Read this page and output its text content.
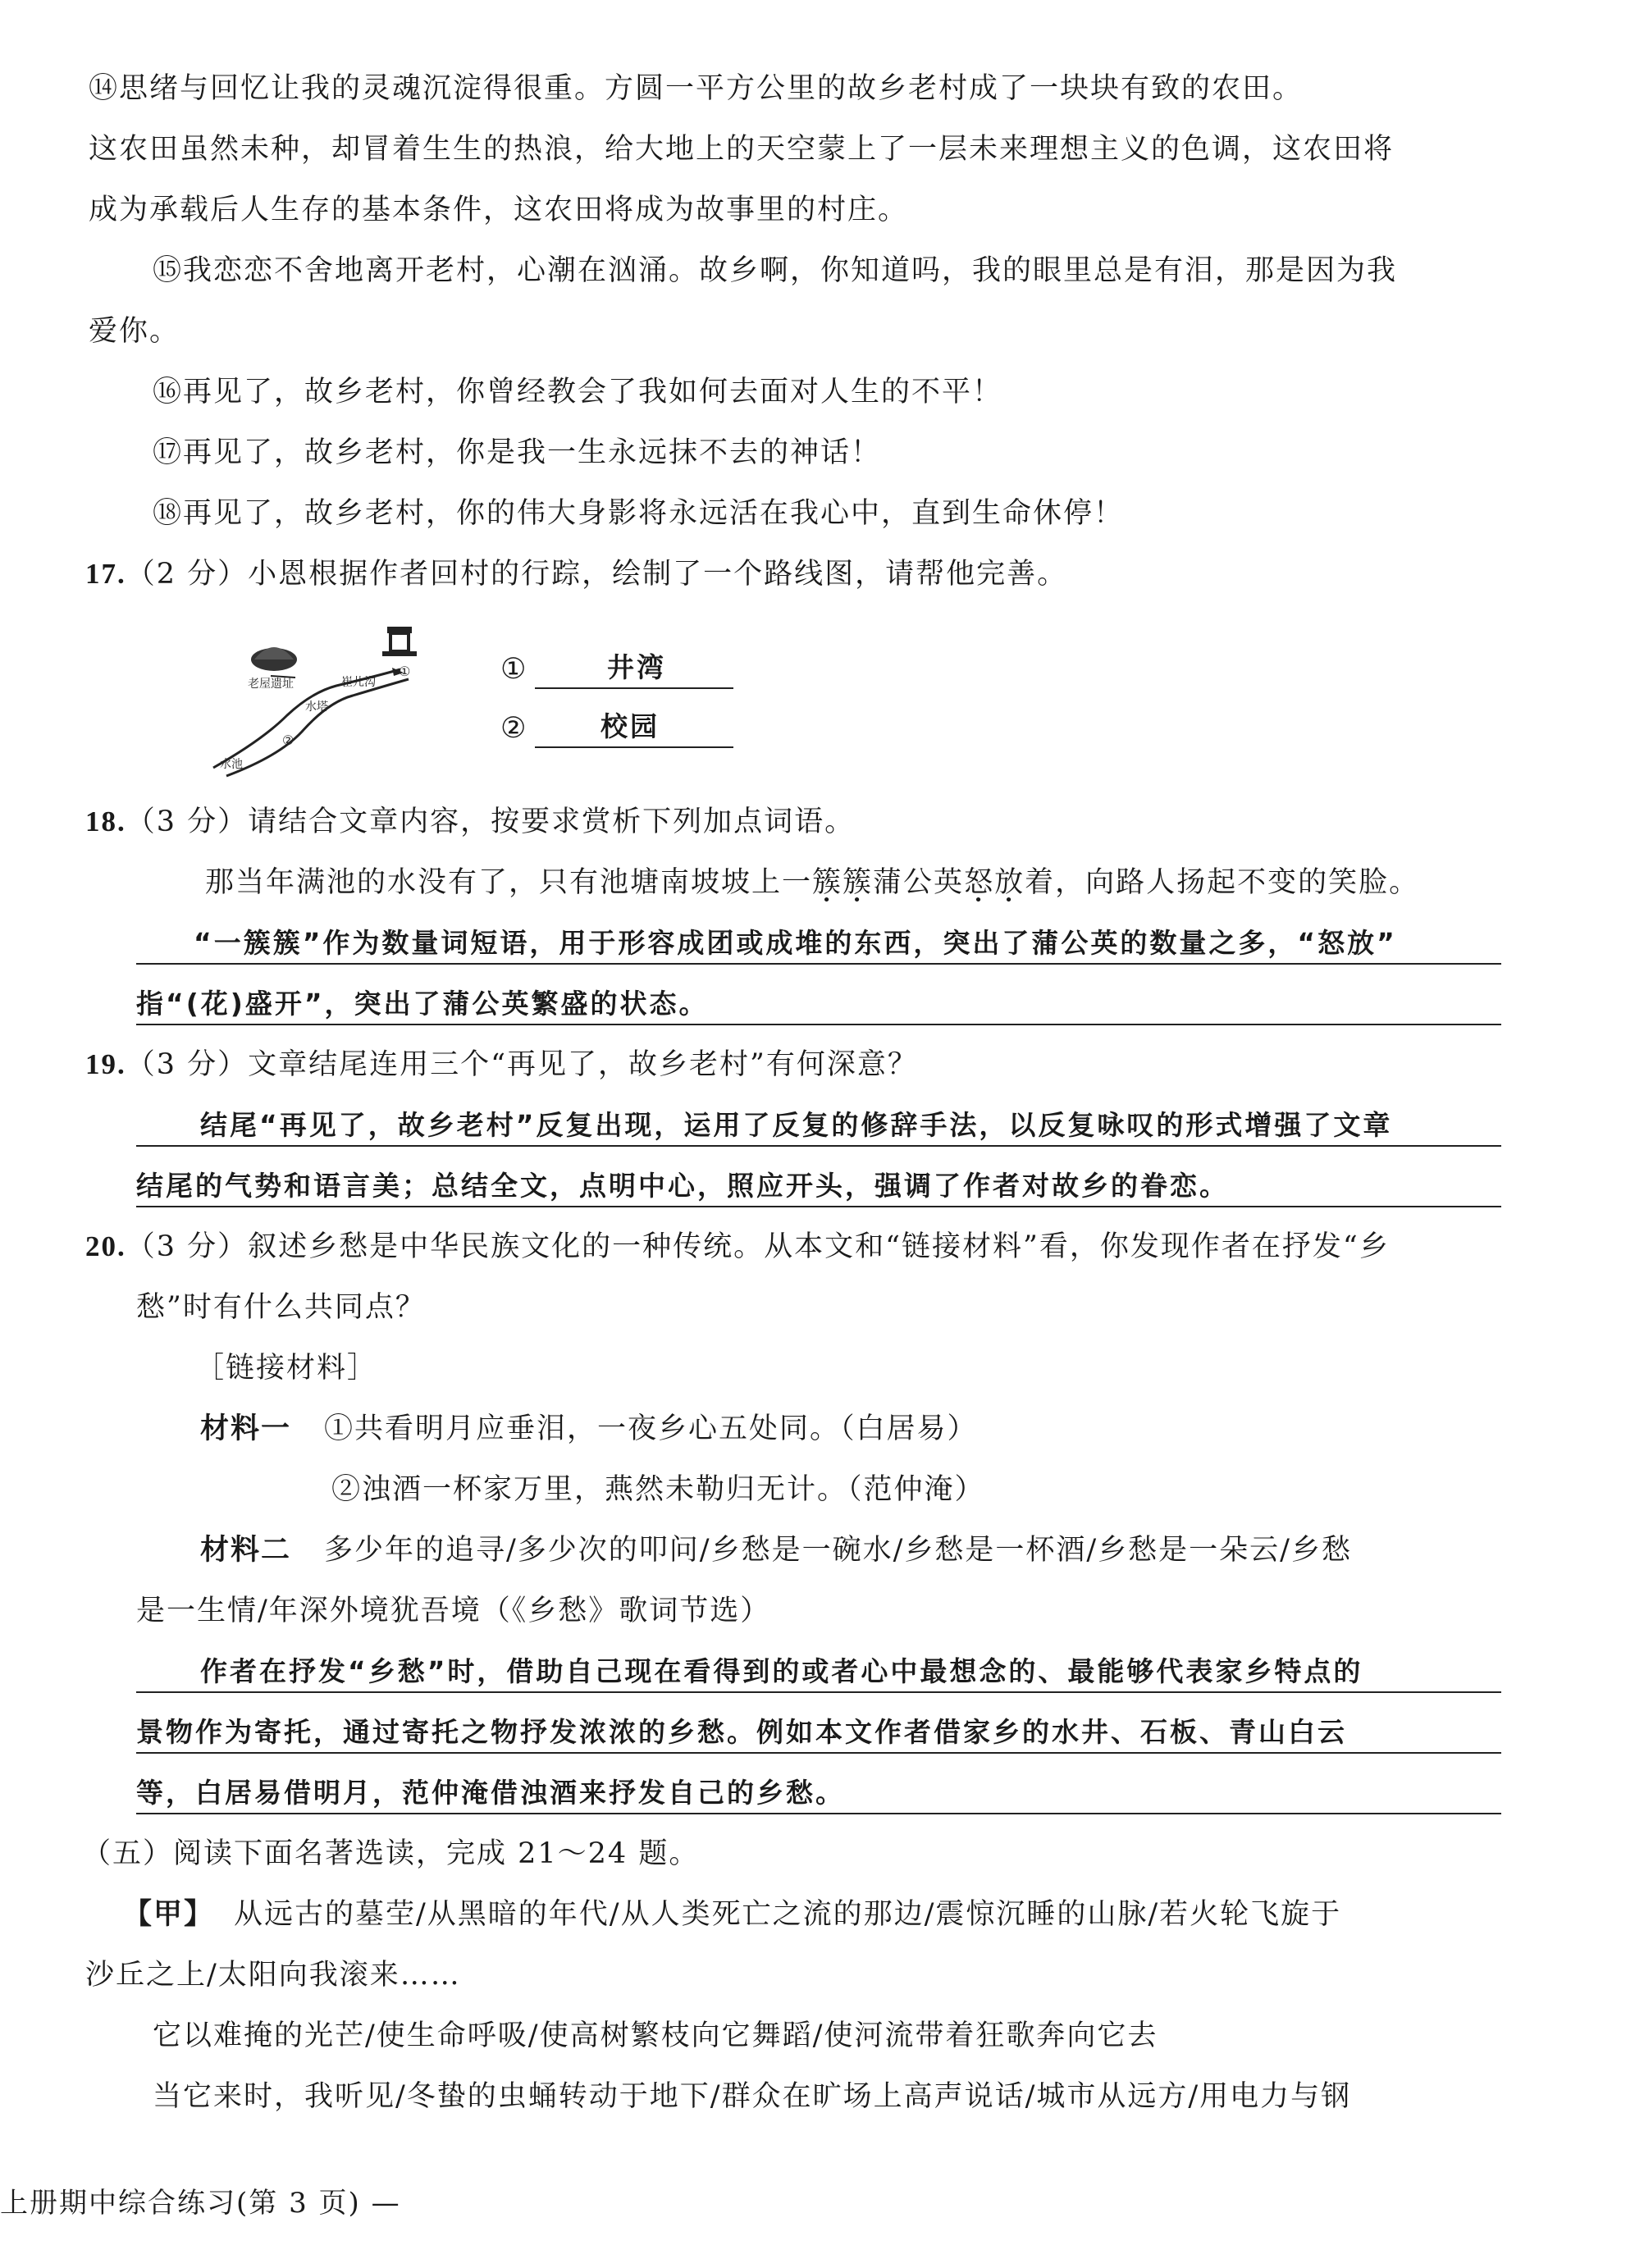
⑭思绪与回忆让我的灵魂沉淀得很重。方圆一平方公里的故乡老村成了一块块有致的农田。
这农田虽然未种，却冒着生生的热浪，给大地上的天空蒙上了一层未来理想主义的色调，这农田将
成为承载后人生存的基本条件，这农田将成为故事里的村庄。
⑮我恋恋不舍地离开老村，心潮在汹涌。故乡啊，你知道吗，我的眼里总是有泪，那是因为我
爱你。
⑯再见了，故乡老村，你曾经教会了我如何去面对人生的不平！
⑰再见了，故乡老村，你是我一生永远抹不去的神话！
⑱再见了，故乡老村，你的伟大身影将永远活在我心中，直到生命休停！
17.（2 分）小恩根据作者回村的行踪，绘制了一个路线图，请帮他完善。
老屋遗址	崔儿沟
水塔
水池
①
②
①	井湾
②	校园
18.（3 分）请结合文章内容，按要求赏析下列加点词语。
那当年满池的水没有了，只有池塘南坡坡上一簇簇蒲公英怒放着，向路人扬起不变的笑脸。
“一簇簇”作为数量词短语，用于形容成团或成堆的东西，突出了蒲公英的数量之多，“怒放”
指“(花)盛开”，突出了蒲公英繁盛的状态。
19.（3 分）文章结尾连用三个“再见了，故乡老村”有何深意？
结尾“再见了，故乡老村”反复出现，运用了反复的修辞手法，以反复咏叹的形式增强了文章
结尾的气势和语言美；总结全文，点明中心，照应开头，强调了作者对故乡的眷恋。
20.（3 分）叙述乡愁是中华民族文化的一种传统。从本文和“链接材料”看，你发现作者在抒发“乡
愁”时有什么共同点？
［链接材料］
材料一 ①共看明月应垂泪，一夜乡心五处同。（白居易）
②浊酒一杯家万里，燕然未勒归无计。（范仲淹）
材料二 多少年的追寻/多少次的叩问/乡愁是一碗水/乡愁是一杯酒/乡愁是一朵云/乡愁
是一生情/年深外境犹吾境（《乡愁》歌词节选）
作者在抒发“乡愁”时，借助自己现在看得到的或者心中最想念的、最能够代表家乡特点的
景物作为寄托，通过寄托之物抒发浓浓的乡愁。例如本文作者借家乡的水井、石板、青山白云
等，白居易借明月，范仲淹借浊酒来抒发自己的乡愁。
（五）阅读下面名著选读，完成 21～24 题。
【甲】 从远古的墓茔/从黑暗的年代/从人类死亡之流的那边/震惊沉睡的山脉/若火轮飞旋于
沙丘之上/太阳向我滚来……
它以难掩的光芒/使生命呼吸/使高树繁枝向它舞蹈/使河流带着狂歌奔向它去
当它来时，我听见/冬蛰的虫蛹转动于地下/群众在旷场上高声说话/城市从远方/用电力与钢
上册期中综合练习(第 3 页) —
